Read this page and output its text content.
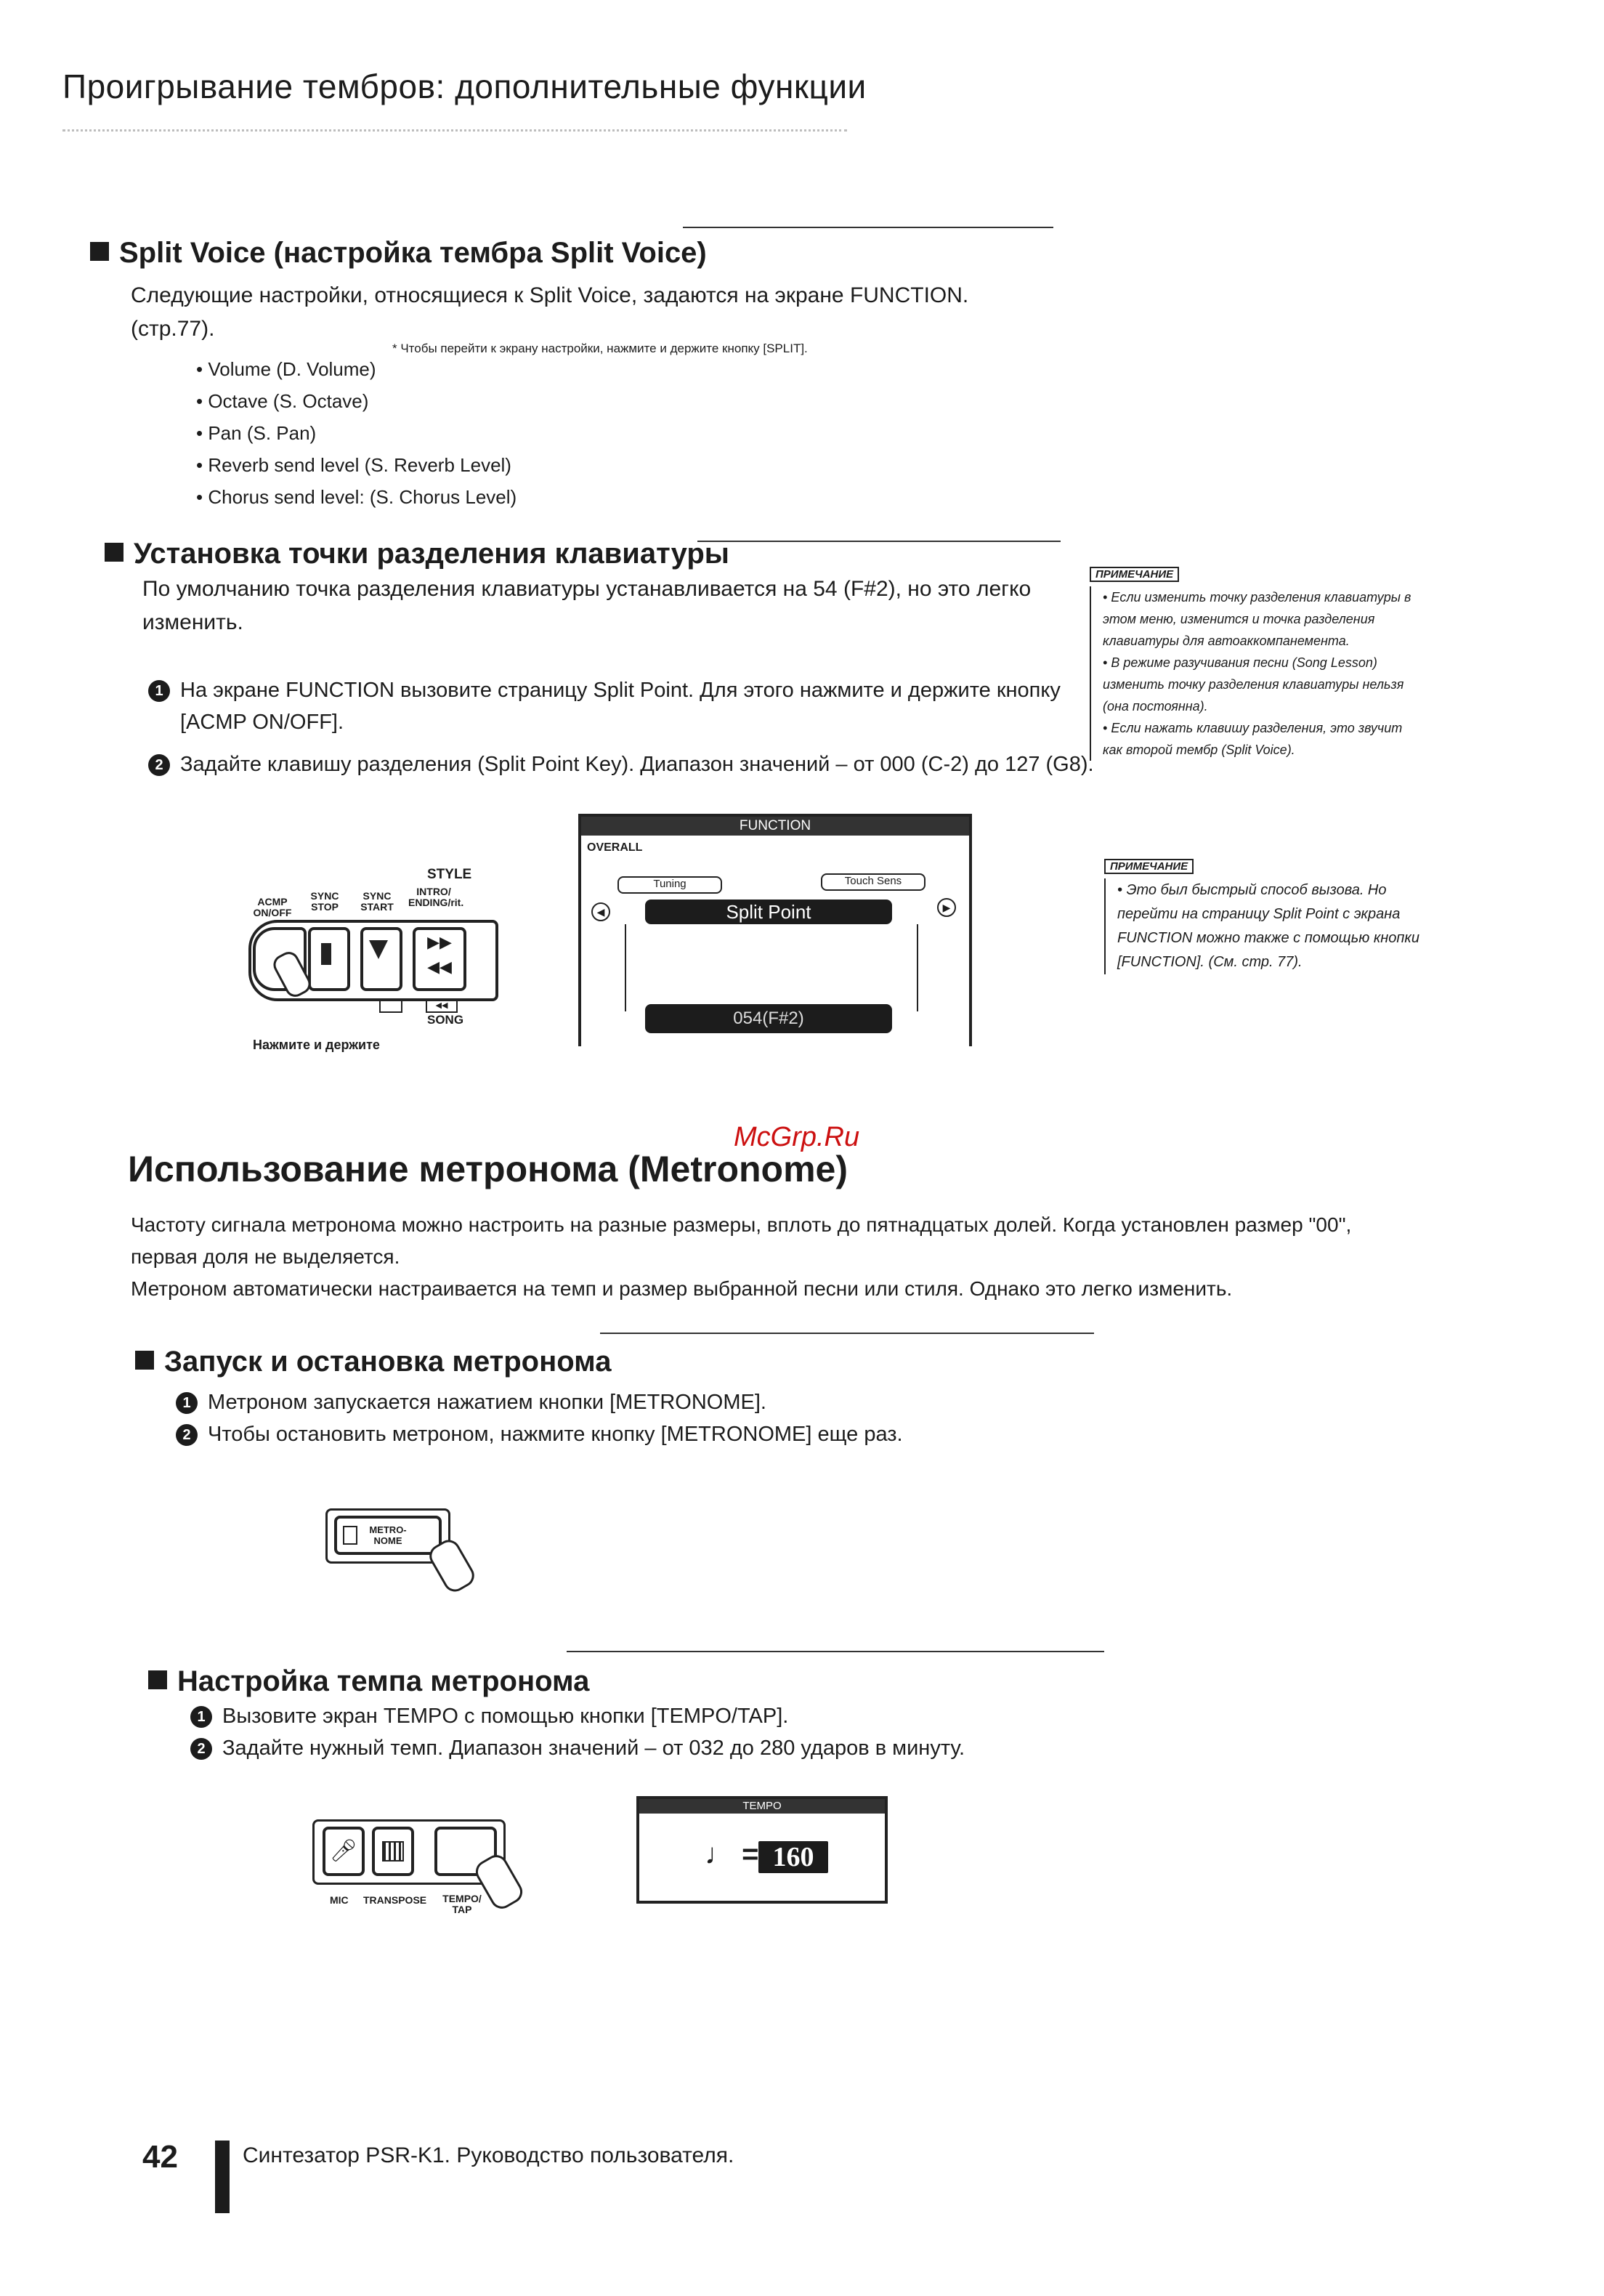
Проигрывание тембров: дополнительные функции
Split Voice (настройка тембра Split Voice)
Следующие настройки, относящиеся к Split Voice, задаются на экране FUNCTION.
(стр.77).
• Volume (D. Volume)
• Octave (S. Octave)
• Pan (S. Pan)
• Reverb send level (S. Reverb Level)
• Chorus send level: (S. Chorus Level)
* Чтобы перейти к экрану настройки, нажмите и держите кнопку [SPLIT].
Установка точки разделения клавиатуры
По умолчанию точка разделения клавиатуры устанавливается на 54 (F#2), но это легко
изменить.
1 На экране FUNCTION вызовите страницу Split Point. Для этого нажмите и держите кнопку
[ACMP ON/OFF].
2 Задайте клавишу разделения (Split Point Key). Диапазон значений – от 000 (C-2) до 127 (G8).
STYLE
ACMP ON/OFF
SYNC STOP
SYNC START
INTRO/ ENDING/rit.
▶▶
◀◀
◀◀
SONG
Нажмите и держите
FUNCTION
OVERALL
Tuning	Touch Sens
◀	▶
Split Point
054(F#2)
ПРИМЕЧАНИЕ
• Если изменить точку разделения клавиатуры в этом меню, изменится и точка разделения клавиатуры для автоаккомпанемента.
• В режиме разучивания песни (Song Lesson) изменить точку разделения клавиатуры нельзя (она постоянна).
• Если нажать клавишу разделения, это звучит как второй тембр (Split Voice).
ПРИМЕЧАНИЕ
• Это был быстрый способ вызова. Но перейти на страницу Split Point с экрана FUNCTION можно также с помощью кнопки [FUNCTION]. (См. стр. 77).
McGrp.Ru
Использование метронома (Metronome)
Частоту сигнала метронома можно настроить на разные размеры, вплоть до пятнадцатых долей. Когда установлен размер "00",
первая доля не выделяется.
Метроном автоматически настраивается на темп и размер выбранной песни или стиля. Однако это легко изменить.
Запуск и остановка метронома
1 Метроном запускается нажатием кнопки [METRONOME].
2 Чтобы остановить метроном, нажмите кнопку [METRONOME] еще раз.
METRO- NOME
Настройка темпа метронома
1 Вызовите экран TEMPO с помощью кнопки [TEMPO/TAP].
2 Задайте нужный темп. Диапазон значений – от 032 до 280 ударов в минуту.
🎤︎
MIC TRANSPOSE TEMPO/ TAP
TEMPO
♩ = 160
42	Синтезатор PSR-K1. Руководство пользователя.
